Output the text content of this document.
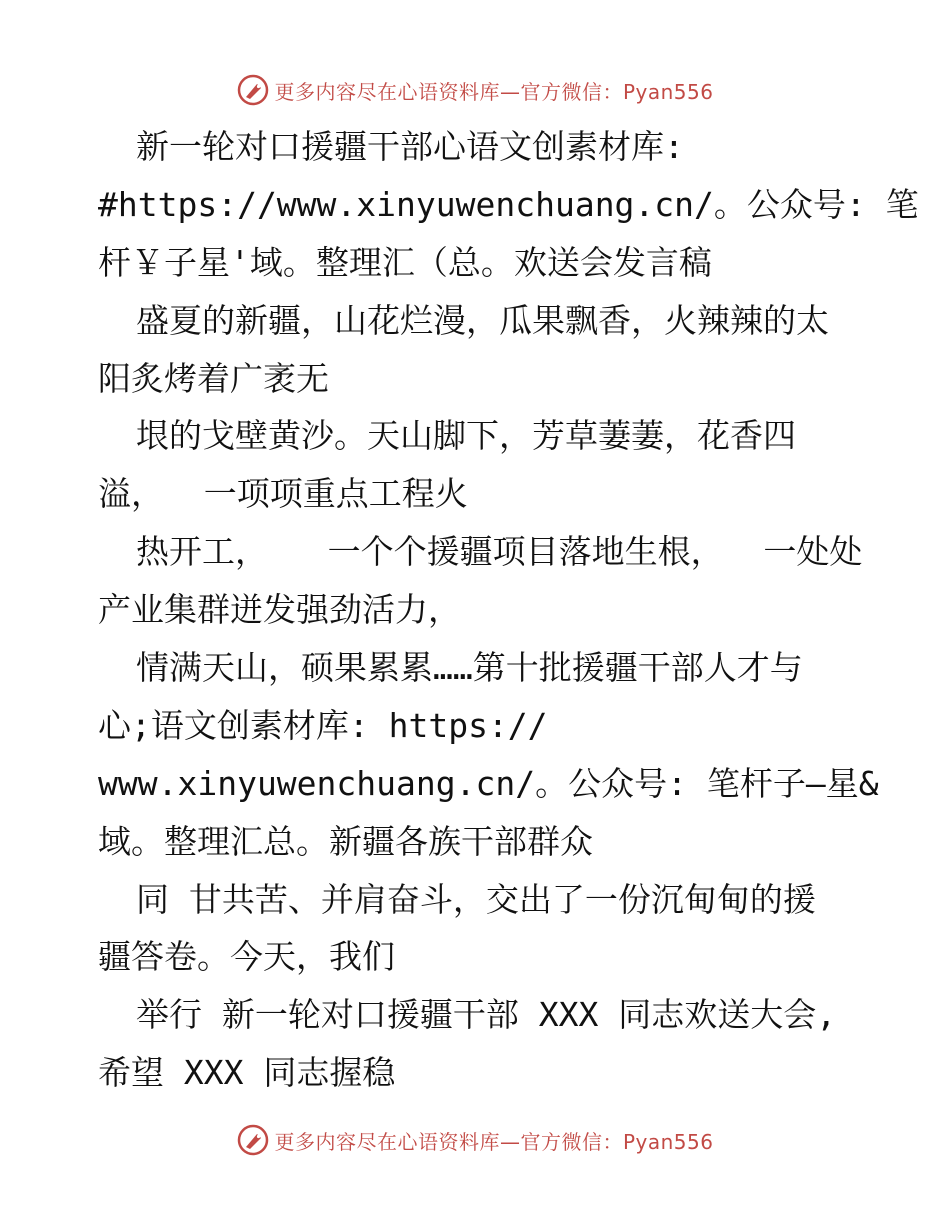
更多内容尽在心语资料库—官方微信：Pyan556
新一轮对口援疆干部心语文创素材库:
#https://www.xinyuwenchuang.cn/。公众号: 笔
杆￥子星'域。整理汇（总。欢送会发言稿
盛夏的新疆，山花烂漫，瓜果飘香，火辣辣的太
阳炙烤着广袤无
垠的戈壁黄沙。天山脚下，芳草萋萋，花香四
溢，  一项项重点工程火
热开工，   一个个援疆项目落地生根，  一处处
产业集群迸发强劲活力，
情满天山，硕果累累……第十批援疆干部人才与
心;语文创素材库: https://
www.xinyuwenchuang.cn/。公众号: 笔杆子—星&
域。整理汇总。新疆各族干部群众
同 甘共苦、并肩奋斗，交出了一份沉甸甸的援
疆答卷。今天，我们
举行 新一轮对口援疆干部 XXX 同志欢送大会,
希望 XXX 同志握稳
更多内容尽在心语资料库—官方微信：Pyan556
